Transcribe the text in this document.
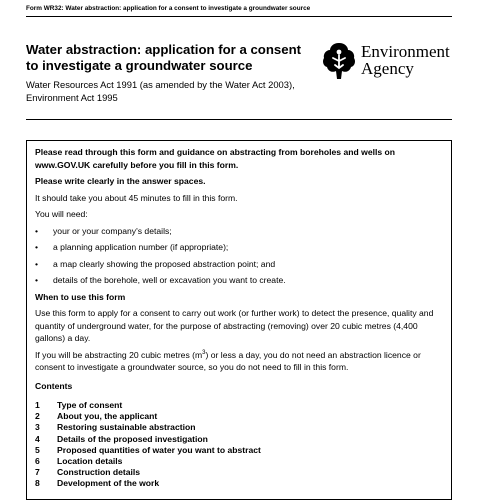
Form WR32: Water abstraction: application for a consent to investigate a groundwater source
Water abstraction: application for a consent to investigate a groundwater source
Water Resources Act 1991 (as amended by the Water Act 2003), Environment Act 1995
Environment
Agency

Please read through this form and guidance on abstracting from boreholes and wells on www.GOV.UK carefully before you fill in this form.

Please write clearly in the answer spaces.

It should take you about 45 minutes to fill in this form.

You will need:

• your or your company's details;
• a planning application number (if appropriate);
• a map clearly showing the proposed abstraction point; and
• details of the borehole, well or excavation you want to create.

When to use this form

Use this form to apply for a consent to carry out work (or further work) to detect the presence, quality and quantity of underground water, for the purpose of abstracting (removing) over 20 cubic metres (4,400 gallons) a day.

If you will be abstracting 20 cubic metres $(m^3)$ or less a day, you do not need an abstraction licence or consent to investigate a groundwater source, so you do not need to fill in this form.

Contents

1 Type of consent
2 About you, the applicant
3 Restoring sustainable abstraction
4 Details of the proposed investigation
5 Proposed quantities of water you want to abstract
6 Location details
7 Construction details
8 Development of the work
